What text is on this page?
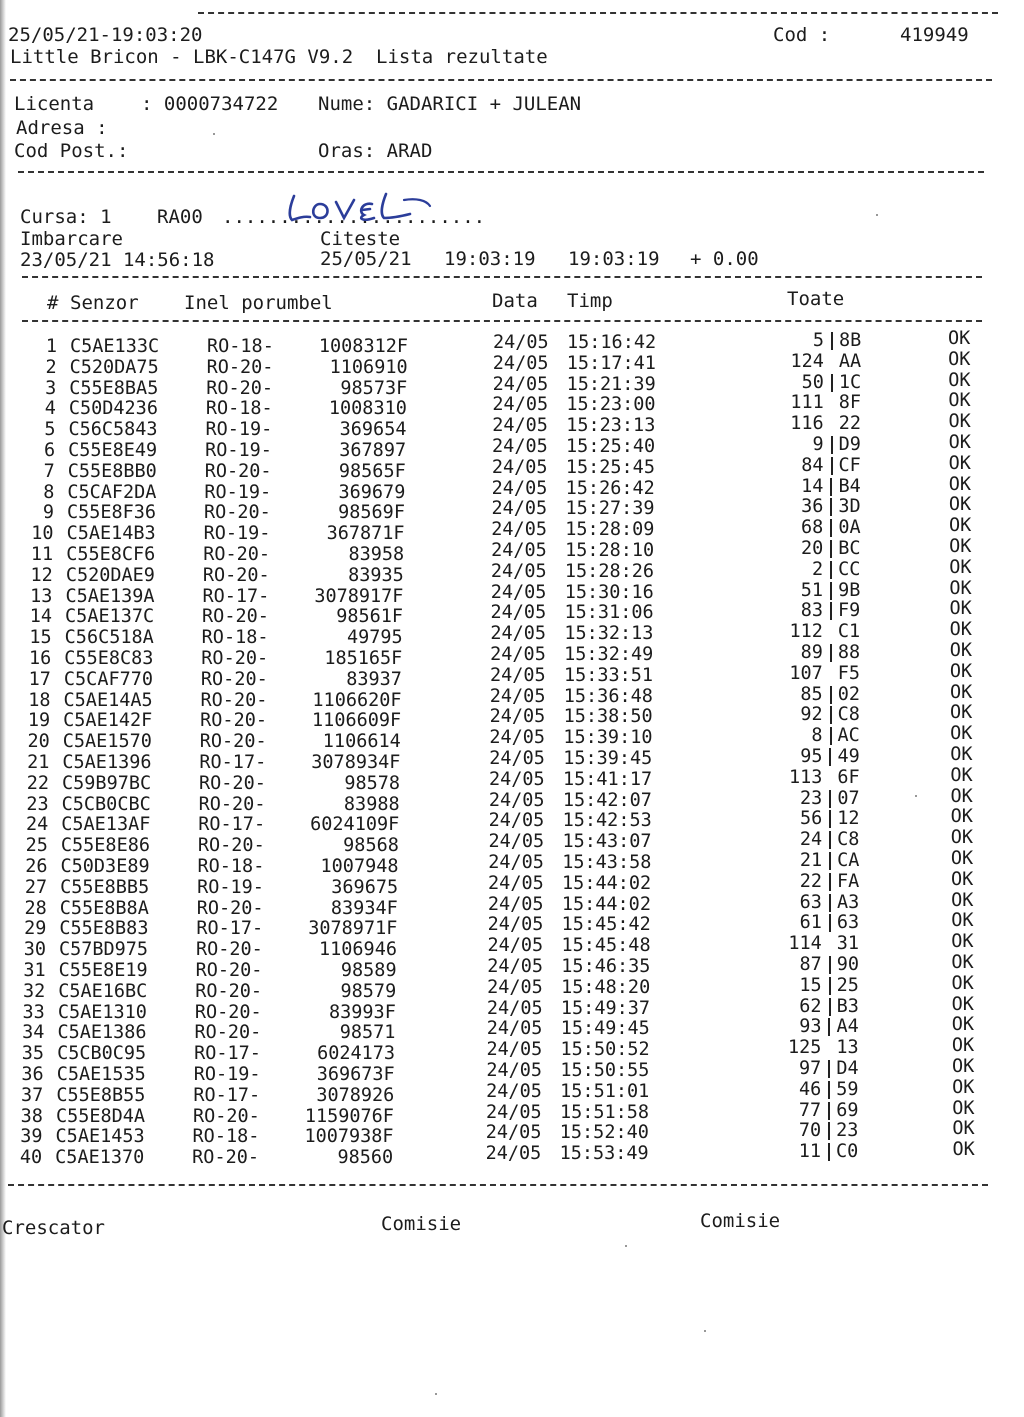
25/05/21-19:03:20	Cod :	419949
Little Bricon - LBK-C147G V9.2  Lista rezultate
Licenta : 0000734722 Nume: GADARICI + JULEAN
Adresa :
Cod Post.:	Oras: ARAD
Cursa: 1 RA00 .......................
Imbarcare	Citeste
23/05/21 14:56:18	25/05/21 19:03:19 19:03:19 + 0.00
# Senzor Inel porumbel	Data Timp	Toate
1 C5AE133C	RO-18-	1008312F	24/05 15:16:42	5 8B	OK
2 C520DA75	RO-20-	1106910	24/05 15:17:41	124 AA	OK
3 C55E8BA5	RO-20-	98573F	24/05 15:21:39	50 1C	OK
4 C50D4236	RO-18-	1008310	24/05 15:23:00	111 8F	OK
5 C56C5843	RO-19-	369654	24/05 15:23:13	116 22	OK
6 C55E8E49	RO-19-	367897	24/05 15:25:40	9 D9	OK
7 C55E8BB0	RO-20-	98565F	24/05 15:25:45	84 CF	OK
8 C5CAF2DA	RO-19-	369679	24/05 15:26:42	14 B4	OK
9 C55E8F36	RO-20-	98569F	24/05 15:27:39	36 3D	OK
10 C5AE14B3	RO-19-	367871F	24/05 15:28:09	68 0A	OK
11 C55E8CF6	RO-20-	83958	24/05 15:28:10	20 BC	OK
12 C520DAE9	RO-20-	83935	24/05 15:28:26	2 CC	OK
13 C5AE139A	RO-17-	3078917F	24/05 15:30:16	51 9B	OK
14 C5AE137C	RO-20-	98561F	24/05 15:31:06	83 F9	OK
15 C56C518A	RO-18-	49795	24/05 15:32:13	112 C1	OK
16 C55E8C83	RO-20-	185165F	24/05 15:32:49	89 88	OK
17 C5CAF770	RO-20-	83937	24/05 15:33:51	107 F5	OK
18 C5AE14A5	RO-20-	1106620F	24/05 15:36:48	85 02	OK
19 C5AE142F	RO-20-	1106609F	24/05 15:38:50	92 C8	OK
20 C5AE1570	RO-20-	1106614	24/05 15:39:10	8 AC	OK
21 C5AE1396	RO-17-	3078934F	24/05 15:39:45	95 49	OK
22 C59B97BC	RO-20-	98578	24/05 15:41:17	113 6F	OK
23 C5CB0CBC	RO-20-	83988	24/05 15:42:07	23 07	OK
24 C5AE13AF	RO-17-	6024109F	24/05 15:42:53	56 12	OK
25 C55E8E86	RO-20-	98568	24/05 15:43:07	24 C8	OK
26 C50D3E89	RO-18-	1007948	24/05 15:43:58	21 CA	OK
27 C55E8BB5	RO-19-	369675	24/05 15:44:02	22 FA	OK
28 C55E8B8A	RO-20-	83934F	24/05 15:44:02	63 A3	OK
29 C55E8B83	RO-17-	3078971F	24/05 15:45:42	61 63	OK
30 C57BD975	RO-20-	1106946	24/05 15:45:48	114 31	OK
31 C55E8E19	RO-20-	98589	24/05 15:46:35	87 90	OK
32 C5AE16BC	RO-20-	98579	24/05 15:48:20	15 25	OK
33 C5AE1310	RO-20-	83993F	24/05 15:49:37	62 B3	OK
34 C5AE1386	RO-20-	98571	24/05 15:49:45	93 A4	OK
35 C5CB0C95	RO-17-	6024173	24/05 15:50:52	125 13	OK
36 C5AE1535	RO-19-	369673F	24/05 15:50:55	97 D4	OK
37 C55E8B55	RO-17-	3078926	24/05 15:51:01	46 59	OK
38 C55E8D4A	RO-20-	1159076F	24/05 15:51:58	77 69	OK
39 C5AE1453	RO-18-	1007938F	24/05 15:52:40	70 23	OK
40 C5AE1370	RO-20-	98560	24/05 15:53:49	11 C0	OK
Crescator	Comisie	Comisie
